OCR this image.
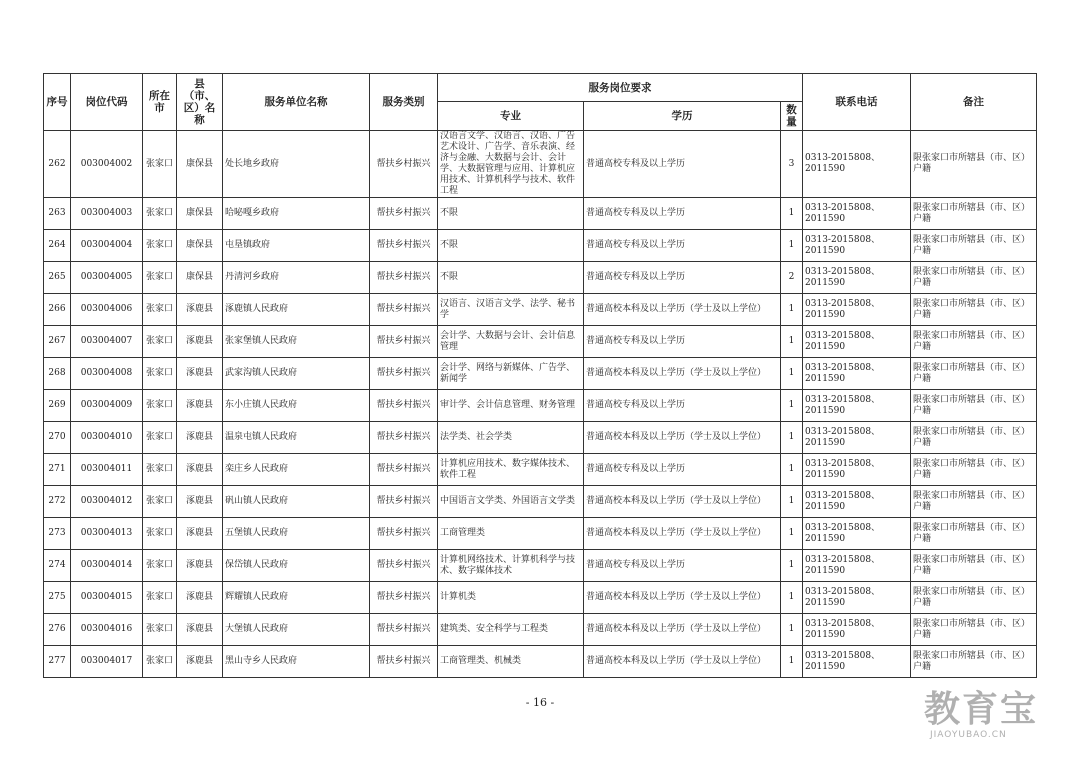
序号	岗位代码	所在市	县（市、区）名称	服务单位名称	服务类别	服务岗位要求			联系电话	备注
						专业	学历	数量		
262	003004002	张家口	康保县	处长地乡政府	帮扶乡村振兴	汉语言文学、汉语言、汉语、广告艺术设计、广告学、音乐表演、经济与金融、大数据与会计、会计学、大数据管理与应用、计算机应用技术、计算机科学与技术、软件工程	普通高校专科及以上学历	3	0313-2015808、2011590	限张家口市所辖县（市、区）户籍
263	003004003	张家口	康保县	哈咇嘎乡政府	帮扶乡村振兴	不限	普通高校专科及以上学历	1	0313-2015808、2011590	限张家口市所辖县（市、区）户籍
264	003004004	张家口	康保县	屯垦镇政府	帮扶乡村振兴	不限	普通高校专科及以上学历	1	0313-2015808、2011590	限张家口市所辖县（市、区）户籍
265	003004005	张家口	康保县	丹清河乡政府	帮扶乡村振兴	不限	普通高校专科及以上学历	2	0313-2015808、2011590	限张家口市所辖县（市、区）户籍
266	003004006	张家口	涿鹿县	涿鹿镇人民政府	帮扶乡村振兴	汉语言、汉语言文学、法学、秘书学	普通高校本科及以上学历（学士及以上学位）	1	0313-2015808、2011590	限张家口市所辖县（市、区）户籍
267	003004007	张家口	涿鹿县	张家堡镇人民政府	帮扶乡村振兴	会计学、大数据与会计、会计信息管理	普通高校专科及以上学历	1	0313-2015808、2011590	限张家口市所辖县（市、区）户籍
268	003004008	张家口	涿鹿县	武家沟镇人民政府	帮扶乡村振兴	会计学、网络与新媒体、广告学、新闻学	普通高校本科及以上学历（学士及以上学位）	1	0313-2015808、2011590	限张家口市所辖县（市、区）户籍
269	003004009	张家口	涿鹿县	东小庄镇人民政府	帮扶乡村振兴	审计学、会计信息管理、财务管理	普通高校专科及以上学历	1	0313-2015808、2011590	限张家口市所辖县（市、区）户籍
270	003004010	张家口	涿鹿县	温泉屯镇人民政府	帮扶乡村振兴	法学类、社会学类	普通高校本科及以上学历（学士及以上学位）	1	0313-2015808、2011590	限张家口市所辖县（市、区）户籍
271	003004011	张家口	涿鹿县	栾庄乡人民政府	帮扶乡村振兴	计算机应用技术、数字媒体技术、软件工程	普通高校专科及以上学历	1	0313-2015808、2011590	限张家口市所辖县（市、区）户籍
272	003004012	张家口	涿鹿县	矾山镇人民政府	帮扶乡村振兴	中国语言文学类、外国语言文学类	普通高校本科及以上学历（学士及以上学位）	1	0313-2015808、2011590	限张家口市所辖县（市、区）户籍
273	003004013	张家口	涿鹿县	五堡镇人民政府	帮扶乡村振兴	工商管理类	普通高校本科及以上学历（学士及以上学位）	1	0313-2015808、2011590	限张家口市所辖县（市、区）户籍
274	003004014	张家口	涿鹿县	保岱镇人民政府	帮扶乡村振兴	计算机网络技术、计算机科学与技术、数字媒体技术	普通高校专科及以上学历	1	0313-2015808、2011590	限张家口市所辖县（市、区）户籍
275	003004015	张家口	涿鹿县	辉耀镇人民政府	帮扶乡村振兴	计算机类	普通高校本科及以上学历（学士及以上学位）	1	0313-2015808、2011590	限张家口市所辖县（市、区）户籍
276	003004016	张家口	涿鹿县	大堡镇人民政府	帮扶乡村振兴	建筑类、安全科学与工程类	普通高校本科及以上学历（学士及以上学位）	1	0313-2015808、2011590	限张家口市所辖县（市、区）户籍
277	003004017	张家口	涿鹿县	黑山寺乡人民政府	帮扶乡村振兴	工商管理类、机械类	普通高校本科及以上学历（学士及以上学位）	1	0313-2015808、2011590	限张家口市所辖县（市、区）户籍
- 16 -	教育宝
JIAOYUBAO.CN
